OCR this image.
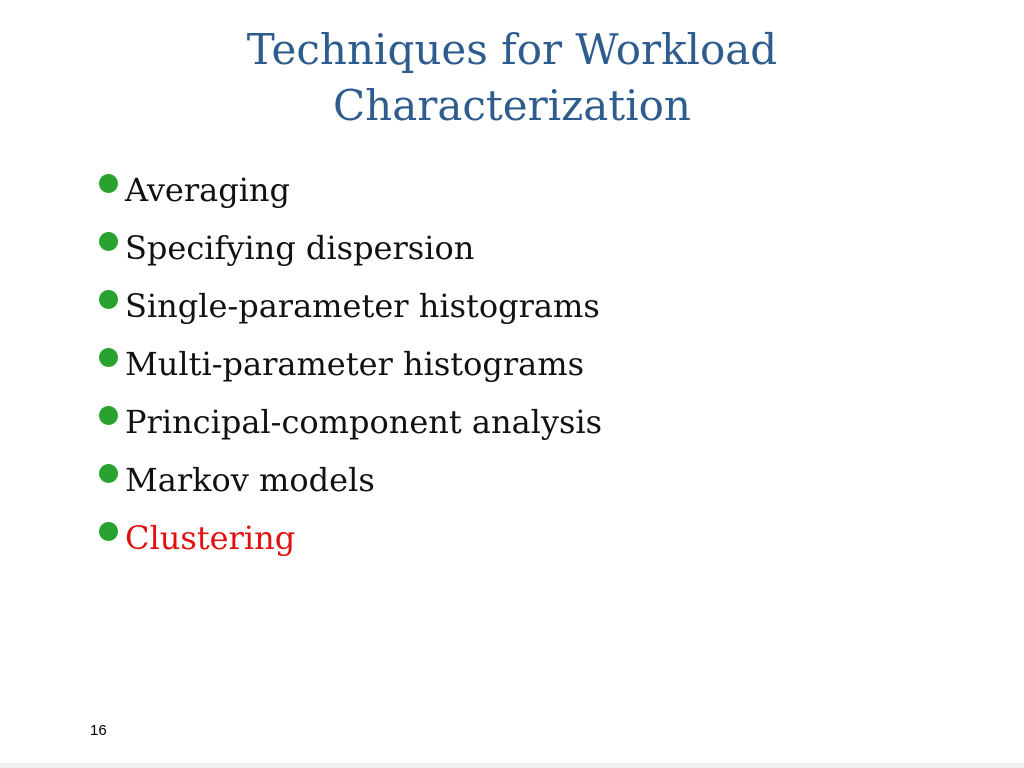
Techniques for Workload
Characterization
Averaging
Specifying dispersion
Single-parameter histograms
Multi-parameter histograms
Principal-component analysis
Markov models
Clustering
16
